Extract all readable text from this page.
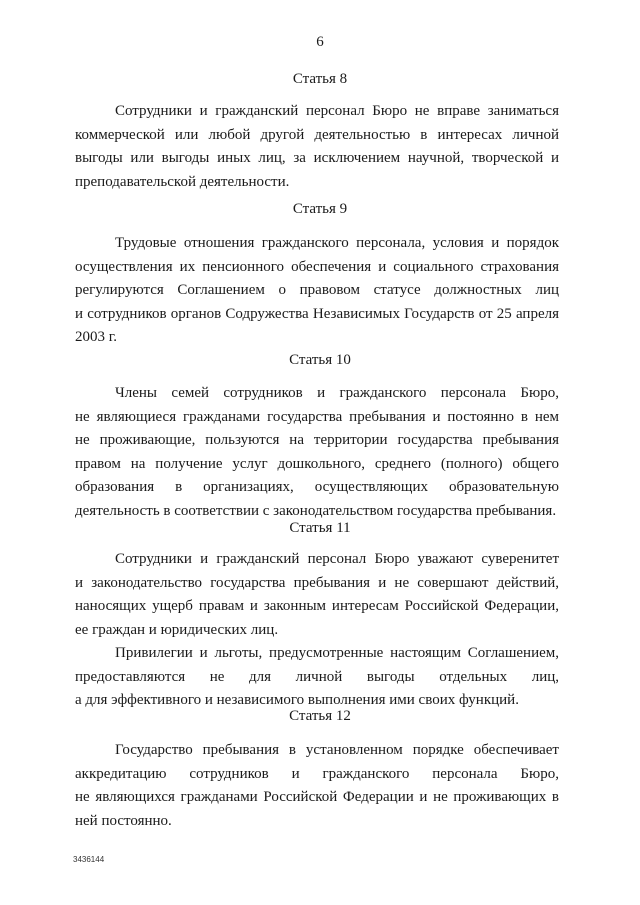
6
Статья 8
Сотрудники и гражданский персонал Бюро не вправе заниматься
коммерческой или любой другой деятельностью в интересах личной
выгоды или выгоды иных лиц, за исключением научной, творческой и
преподавательской деятельности.
Статья 9
Трудовые отношения гражданского персонала, условия и порядок
осуществления их пенсионного обеспечения и социального страхования
регулируются Соглашением о правовом статусе должностных лиц
и сотрудников органов Содружества Независимых Государств от 25 апреля
2003 г.
Статья 10
Члены семей сотрудников и гражданского персонала Бюро,
не являющиеся гражданами государства пребывания и постоянно в нем
не проживающие, пользуются на территории государства пребывания
правом на получение услуг дошкольного, среднего (полного) общего
образования в организациях, осуществляющих образовательную
деятельность в соответствии с законодательством государства пребывания.
Статья 11
Сотрудники и гражданский персонал Бюро уважают суверенитет
и законодательство государства пребывания и не совершают действий,
наносящих ущерб правам и законным интересам Российской Федерации,
ее граждан и юридических лиц.
Привилегии и льготы, предусмотренные настоящим Соглашением,
предоставляются не для личной выгоды отдельных лиц,
а для эффективного и независимого выполнения ими своих функций.
Статья 12
Государство пребывания в установленном порядке обеспечивает
аккредитацию сотрудников и гражданского персонала Бюро,
не являющихся гражданами Российской Федерации и не проживающих в
ней постоянно.
3436144
